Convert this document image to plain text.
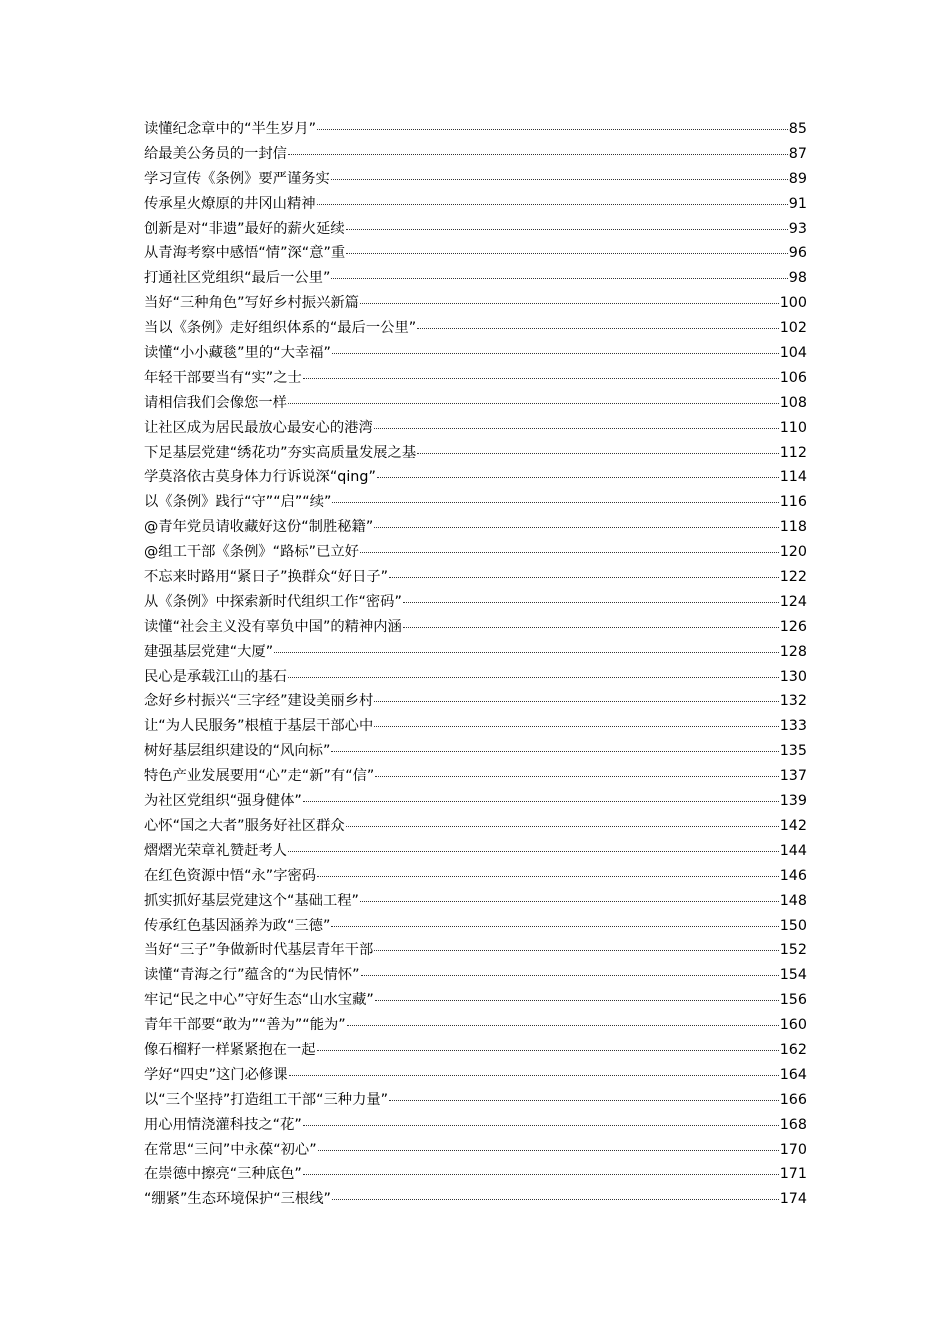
读懂纪念章中的“半生岁月”	85
给最美公务员的一封信	87
学习宣传《条例》要严谨务实	89
传承星火燎原的井冈山精神	91
创新是对“非遗”最好的薪火延续	93
从青海考察中感悟“情”深“意”重	96
打通社区党组织“最后一公里”	98
当好“三种角色”写好乡村振兴新篇	100
当以《条例》走好组织体系的“最后一公里”	102
读懂“小小藏毯”里的“大幸福”	104
年轻干部要当有“实”之士	106
请相信我们会像您一样	108
让社区成为居民最放心最安心的港湾	110
下足基层党建“绣花功”夯实高质量发展之基	112
学莫洛依古莫身体力行诉说深“qing”	114
以《条例》践行“守”“启”“续”	116
@青年党员请收藏好这份“制胜秘籍”	118
@组工干部《条例》“路标”已立好	120
不忘来时路用“紧日子”换群众“好日子”	122
从《条例》中探索新时代组织工作“密码”	124
读懂“社会主义没有辜负中国”的精神内涵	126
建强基层党建“大厦”	128
民心是承载江山的基石	130
念好乡村振兴“三字经”建设美丽乡村	132
让“为人民服务”根植于基层干部心中	133
树好基层组织建设的“风向标”	135
特色产业发展要用“心”走“新”有“信”	137
为社区党组织“强身健体”	139
心怀“国之大者”服务好社区群众	142
熠熠光荣章礼赞赶考人	144
在红色资源中悟“永”字密码	146
抓实抓好基层党建这个“基础工程”	148
传承红色基因涵养为政“三德”	150
当好“三子”争做新时代基层青年干部	152
读懂“青海之行”蕴含的“为民情怀”	154
牢记“民之中心”守好生态“山水宝藏”	156
青年干部要“敢为”“善为”“能为”	160
像石榴籽一样紧紧抱在一起	162
学好“四史”这门必修课	164
以“三个坚持”打造组工干部“三种力量”	166
用心用情浇灌科技之“花”	168
在常思“三问”中永葆“初心”	170
在崇德中擦亮“三种底色”	171
“绷紧”生态环境保护“三根线”	174
